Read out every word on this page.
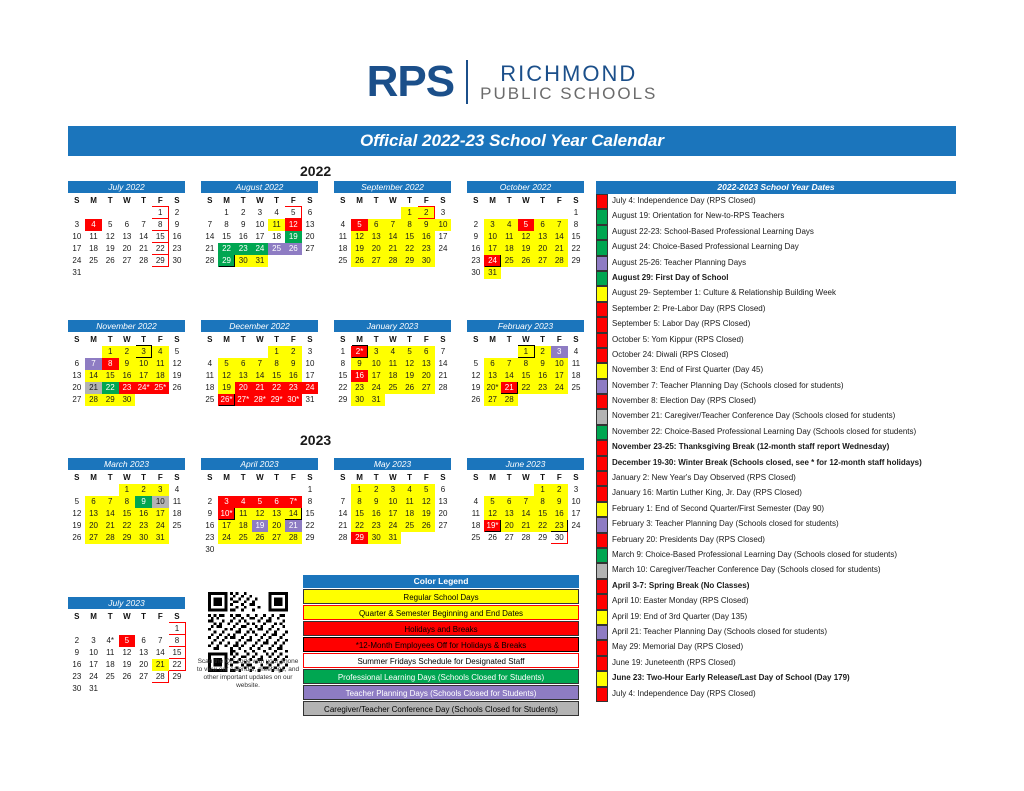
RPS	RICHMOND
PUBLIC SCHOOLS
Official 2022-23 School Year Calendar
2022
2023
July 2022
S	M	T	W	T	F	S
					1	2
3	4	5	6	7	8	9
10	11	12	13	14	15	16
17	18	19	20	21	22	23
24	25	26	27	28	29	30
31						
August 2022
S	M	T	W	T	F	S
	1	2	3	4	5	6
7	8	9	10	11	12	13
14	15	16	17	18	19	20
21	22	23	24	25	26	27
28	29	30	31			
September 2022
S	M	T	W	T	F	S
				1	2	3
4	5	6	7	8	9	10
11	12	13	14	15	16	17
18	19	20	21	22	23	24
25	26	27	28	29	30	
October 2022
S	M	T	W	T	F	S
						1
2	3	4	5	6	7	8
9	10	11	12	13	14	15
16	17	18	19	20	21	22
23	24	25	26	27	28	29
30	31					
November 2022
S	M	T	W	T	F	S
		1	2	3	4	5
6	7	8	9	10	11	12
13	14	15	16	17	18	19
20	21	22	23	24*	25*	26
27	28	29	30			
December 2022
S	M	T	W	T	F	S
				1	2	3
4	5	6	7	8	9	10
11	12	13	14	15	16	17
18	19	20	21	22	23	24
25	26*	27*	28*	29*	30*	31
January 2023
S	M	T	W	T	F	S
1	2*	3	4	5	6	7
8	9	10	11	12	13	14
15	16	17	18	19	20	21
22	23	24	25	26	27	28
29	30	31				
February 2023
S	M	T	W	T	F	S
			1	2	3	4
5	6	7	8	9	10	11
12	13	14	15	16	17	18
19	20*	21	22	23	24	25
26	27	28				
March 2023
S	M	T	W	T	F	S
			1	2	3	4
5	6	7	8	9	10	11
12	13	14	15	16	17	18
19	20	21	22	23	24	25
26	27	28	29	30	31	
April 2023
S	M	T	W	T	F	S
						1
2	3	4	5	6	7*	8
9	10*	11	12	13	14	15
16	17	18	19	20	21	22
23	24	25	26	27	28	29
30						
May 2023
S	M	T	W	T	F	S
	1	2	3	4	5	6
7	8	9	10	11	12	13
14	15	16	17	18	19	20
21	22	23	24	25	26	27
28	29	30	31			
June 2023
S	M	T	W	T	F	S
				1	2	3
4	5	6	7	8	9	10
11	12	13	14	15	16	17
18	19*	20	21	22	23	24
25	26	27	28	29	30	
July 2023
S	M	T	W	T	F	S
						1
2	3	4*	5	6	7	8
9	10	11	12	13	14	15
16	17	18	19	20	21	22
23	24	25	26	27	28	29
30	31					
2022-2023 School Year Dates
July 4: Independence Day (RPS Closed)
August 19: Orientation for New-to-RPS Teachers
August 22-23: School-Based Professional Learning Days
August 24: Choice-Based Professional Learning Day
August 25-26: Teacher Planning Days
August 29: First Day of School
August 29- September 1: Culture & Relationship Building Week
September 2: Pre-Labor Day (RPS Closed)
September 5: Labor Day (RPS Closed)
October 5: Yom Kippur (RPS Closed)
October 24: Diwali (RPS Closed)
November 3: End of First Quarter (Day 45)
November 7: Teacher Planning Day (Schools closed for students)
November 8: Election Day (RPS Closed)
November 21: Caregiver/Teacher Conference Day (Schools closed for students)
November 22: Choice-Based Professional Learning Day (Schools closed for students)
November 23-25: Thanksgiving Break (12-month staff report Wednesday)
December 19-30: Winter Break (Schools closed, see * for 12-month staff holidays)
January 2: New Year's Day Observed (RPS Closed)
January 16: Martin Luther King, Jr. Day (RPS Closed)
February 1: End of Second Quarter/First Semester (Day 90)
February 3: Teacher Planning Day (Schools closed for students)
February 20: Presidents Day (RPS Closed)
March 9: Choice-Based Professional Learning Day (Schools closed for students)
March 10: Caregiver/Teacher Conference Day (Schools closed for students)
April 3-7: Spring Break (No Classes)
April 10: Easter Monday (RPS Closed)
April 19: End of 3rd Quarter (Day 135)
April 21: Teacher Planning Day (Schools closed for students)
May 29: Memorial Day (RPS Closed)
June 19: Juneteenth (RPS Closed)
June 23: Two-Hour Early Release/Last Day of School (Day 179)
July 4: Independence Day (RPS Closed)
Color Legend
Regular School Days
Quarter & Semester Beginning and End Dates
Holidays and Breaks
*12-Month Employees Off for Holidays & Breaks
Summer Fridays Schedule for Designated Staff
Professional Learning Days (Schools Closed for Students)
Teacher Planning Days (Schools Closed for Students)
Caregiver/Teacher Conference Day (Schools Closed for Students)
Scan the QR code with your phone to view our calendar, meetings, and other important updates on our website.
